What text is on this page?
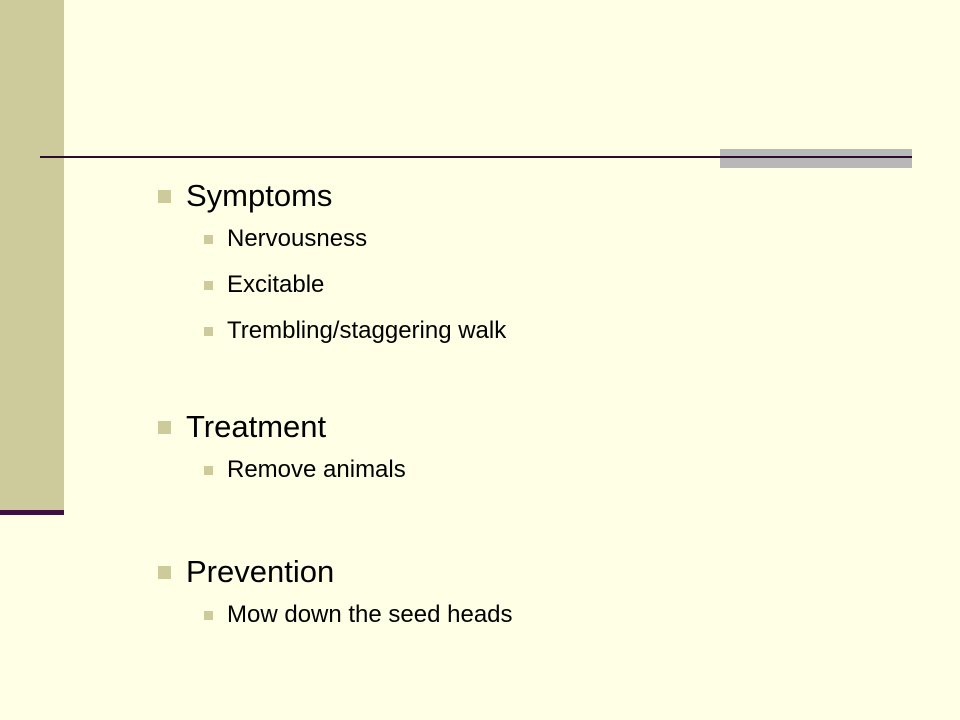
Symptoms
Nervousness
Excitable
Trembling/staggering walk
Treatment
Remove animals
Prevention
Mow down the seed heads
